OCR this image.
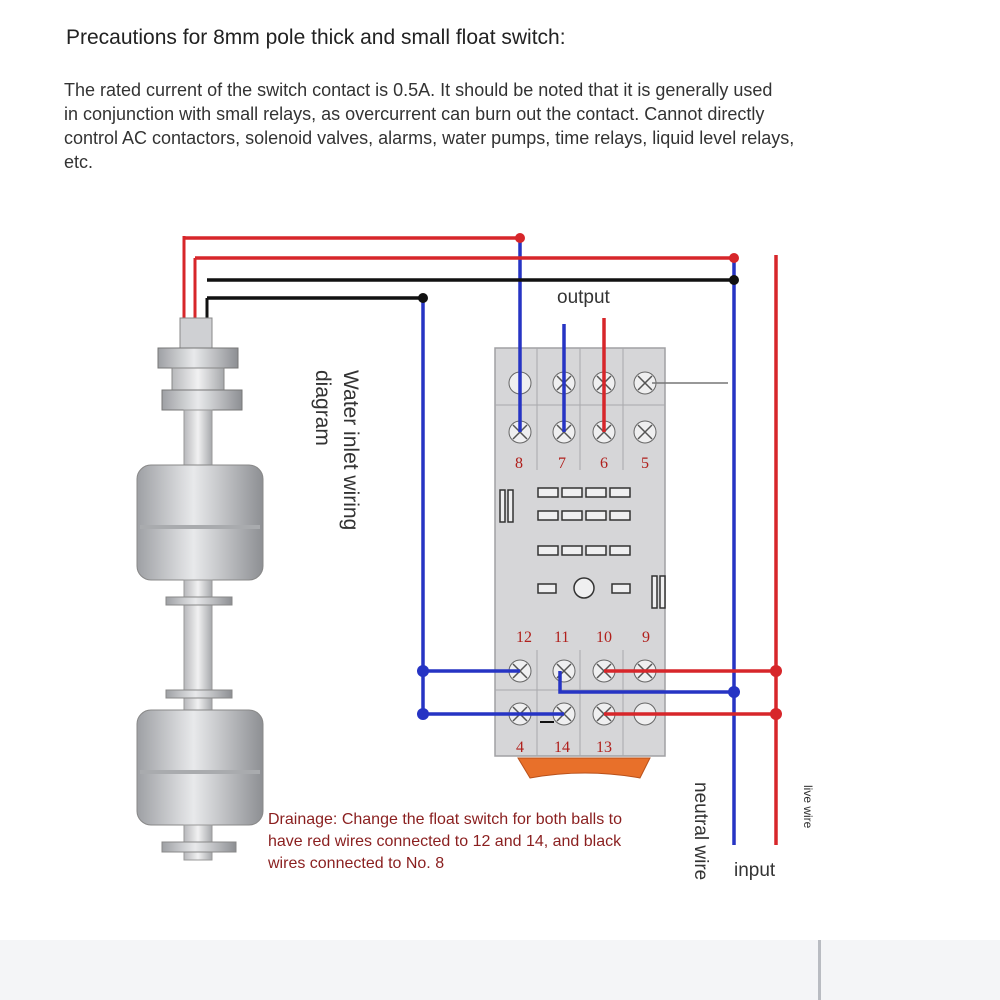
Precautions for 8mm pole thick and small float switch:
The rated current of the switch contact is 0.5A. It should be noted that it is generally used
in conjunction with small relays, as overcurrent can burn out the contact. Cannot directly
control AC contactors, solenoid valves, alarms, water pumps, time relays, liquid level relays,
etc.
8 7 6 5
12 11 10 9
4 14 13
output
Water inlet wiring
diagram
neutral wire	live wire
input
Drainage: Change the float switch for both balls to
have red wires connected to 12 and 14, and black
wires connected to No. 8
